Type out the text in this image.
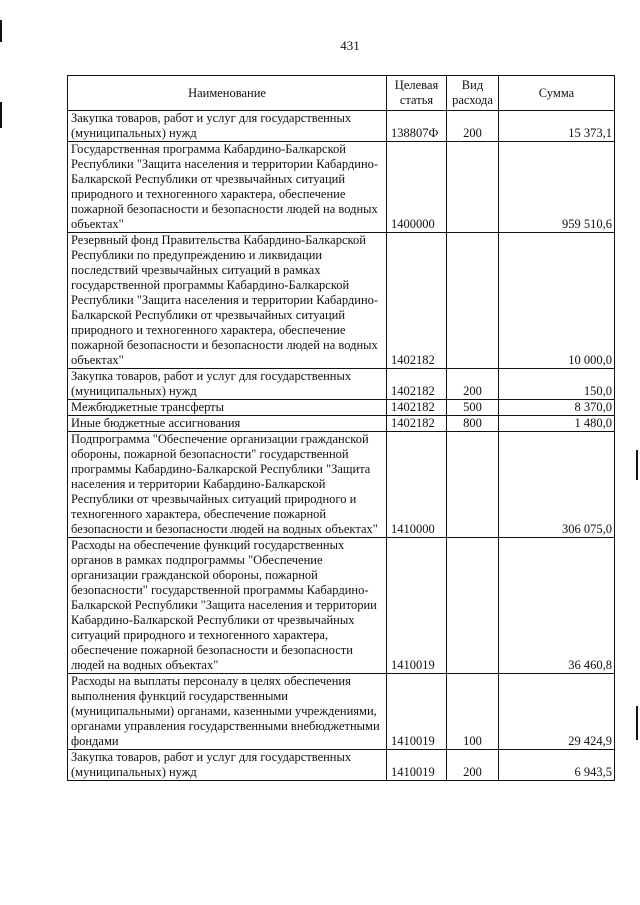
431
Наименование	Целевая статья	Вид расхода	Сумма
Закупка товаров, работ и услуг для государственных (муниципальных) нужд	138807Ф	200	15 373,1
Государственная программа Кабардино-Балкарской Республики "Защита населения и территории Кабардино-Балкарской Республики от чрезвычайных ситуаций природного и техногенного характера, обеспечение пожарной безопасности и безопасности людей на водных объектах"	1400000		959 510,6
Резервный фонд Правительства Кабардино-Балкарской Республики по предупреждению и ликвидации последствий чрезвычайных ситуаций в рамках государственной программы Кабардино-Балкарской Республики "Защита населения и территории Кабардино-Балкарской Республики от чрезвычайных ситуаций природного и техногенного характера, обеспечение пожарной безопасности и безопасности людей на водных объектах"	1402182		10 000,0
Закупка товаров, работ и услуг для государственных (муниципальных) нужд	1402182	200	150,0
Межбюджетные трансферты	1402182	500	8 370,0
Иные бюджетные ассигнования	1402182	800	1 480,0
Подпрограмма "Обеспечение организации гражданской обороны, пожарной безопасности" государственной программы Кабардино-Балкарской Республики "Защита населения и территории Кабардино-Балкарской Республики от чрезвычайных ситуаций природного и техногенного характера, обеспечение пожарной безопасности и безопасности людей на водных объектах"	1410000		306 075,0
Расходы на обеспечение функций государственных органов в рамках подпрограммы "Обеспечение организации гражданской обороны, пожарной безопасности" государственной программы Кабардино-Балкарской Республики "Защита населения и территории Кабардино-Балкарской Республики от чрезвычайных ситуаций природного и техногенного характера, обеспечение пожарной безопасности и безопасности людей на водных объектах"	1410019		36 460,8
Расходы на выплаты персоналу в целях обеспечения выполнения функций государственными (муниципальными) органами, казенными учреждениями, органами управления государственными внебюджетными фондами	1410019	100	29 424,9
Закупка товаров, работ и услуг для государственных (муниципальных) нужд	1410019	200	6 943,5
